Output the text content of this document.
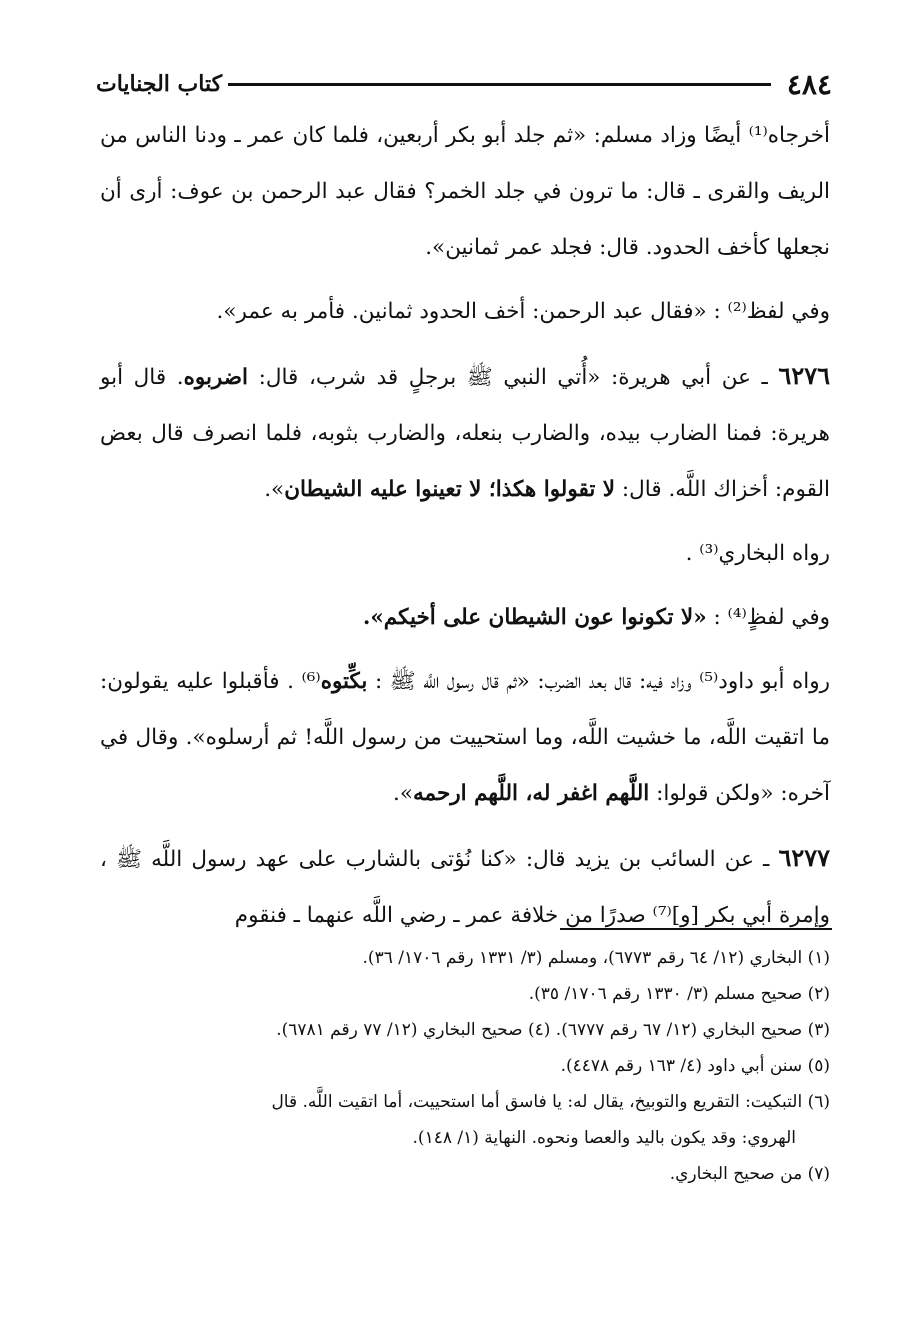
٤٨٤
كتاب الجنايات

أخرجاه⁽¹⁾ أيضًا وزاد مسلم: «ثم جلد أبو بكر أربعين، فلما كان عمر ـ ودنا الناس من الريف والقرى ـ قال: ما ترون في جلد الخمر؟ فقال عبد الرحمن بن عوف: أرى أن نجعلها كأخف الحدود. قال: فجلد عمر ثمانين».

وفي لفظ⁽²⁾ : «فقال عبد الرحمن: أخف الحدود ثمانين. فأمر به عمر».

٦٢٧٦ ـ عن أبي هريرة: «أُتي النبي ﷺ برجلٍ قد شرب، قال: اضربوه. قال أبو هريرة: فمنا الضارب بيده، والضارب بنعله، والضارب بثوبه، فلما انصرف قال بعض القوم: أخزاك اللَّه. قال: لا تقولوا هكذا؛ لا تعينوا عليه الشيطان».

رواه البخاري⁽³⁾ .

وفي لفظٍ⁽⁴⁾ : «لا تكونوا عون الشيطان على أخيكم».

رواه أبو داود⁽⁵⁾ وزاد فيه: قال بعد الضرب: «ثم قال رسول اللَّه ﷺ : بكِّتوه⁽⁶⁾ . فأقبلوا عليه يقولون: ما اتقيت اللَّه، ما خشيت اللَّه، وما استحييت من رسول اللَّه! ثم أرسلوه». وقال في آخره: «ولكن قولوا: اللَّهم اغفر له، اللَّهم ارحمه».

٦٢٧٧ ـ عن السائب بن يزيد قال: «كنا نُؤتى بالشارب على عهد رسول اللَّه ﷺ ، وإمرة أبي بكر [و]⁽⁷⁾ صدرًا من خلافة عمر ـ رضي اللَّه عنهما ـ فنقوم

(١) البخاري (١٢/ ٦٤ رقم ٦٧٧٣)، ومسلم (٣/ ١٣٣١ رقم ١٧٠٦/ ٣٦).
(٢) صحيح مسلم (٣/ ١٣٣٠ رقم ١٧٠٦/ ٣٥).
(٣) صحيح البخاري (١٢/ ٦٧ رقم ٦٧٧٧). (٤) صحيح البخاري (١٢/ ٧٧ رقم ٦٧٨١).
(٥) سنن أبي داود (٤/ ١٦٣ رقم ٤٤٧٨).
(٦) التبكيت: التقريع والتوبيخ، يقال له: يا فاسق أما استحييت، أما اتقيت اللَّه. قال
الهروي: وقد يكون باليد والعصا ونحوه. النهاية (١/ ١٤٨).
(٧) من صحيح البخاري.
